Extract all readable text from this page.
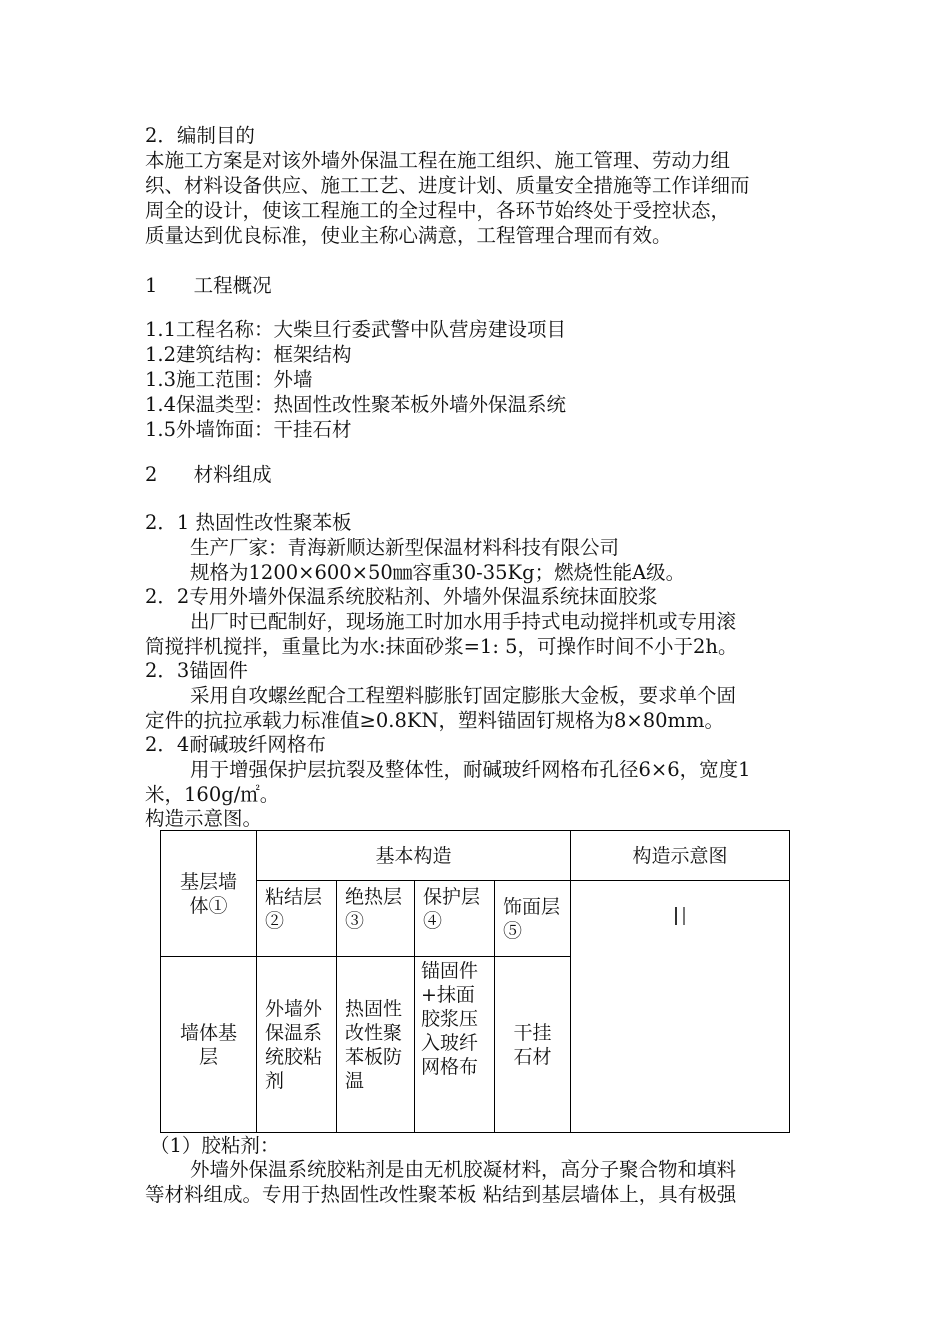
2．编制目的
本施工方案是对该外墙外保温工程在施工组织、施工管理、劳动力组
织、材料设备供应、施工工艺、进度计划、质量安全措施等工作详细而
周全的设计，使该工程施工的全过程中，各环节始终处于受控状态，
质量达到优良标准，使业主称心满意，工程管理合理而有效。
1 工程概况
1.1工程名称：大柴旦行委武警中队营房建设项目
1.2建筑结构：框架结构
1.3施工范围：外墙
1.4保温类型：热固性改性聚苯板外墙外保温系统
1.5外墙饰面：干挂石材
2 材料组成
2．1 热固性改性聚苯板
生产厂家：青海新顺达新型保温材料科技有限公司
规格为1200×600×50㎜容重30-35Kg；燃烧性能A级。
2．2专用外墙外保温系统胶粘剂、外墙外保温系统抹面胶浆
出厂时已配制好，现场施工时加水用手持式电动搅拌机或专用滚
筒搅拌机搅拌，重量比为水:抹面砂浆=1: 5，可操作时间不小于2h。
2．3锚固件
采用自攻螺丝配合工程塑料膨胀钉固定膨胀大金板，要求单个固
定件的抗拉承载力标准值≥0.8KN，塑料锚固钉规格为8×80mm。
2．4耐碱玻纤网格布
用于增强保护层抗裂及整体性，耐碱玻纤网格布孔径6×6，宽度1
米，160g/㎡。
构造示意图。
基层墙体①	基本构造				构造示意图
	粘结层②	绝热层③	保护层④	饰面层⑤	
墙体基层	外墙外保温系统胶粘剂	热固性改性聚苯板防温	锚固件+抹面胶浆压入玻纤网格布	干挂石材	
（1）胶粘剂：
外墙外保温系统胶粘剂是由无机胶凝材料，高分子聚合物和填料
等材料组成。专用于热固性改性聚苯板 粘结到基层墙体上，具有极强
